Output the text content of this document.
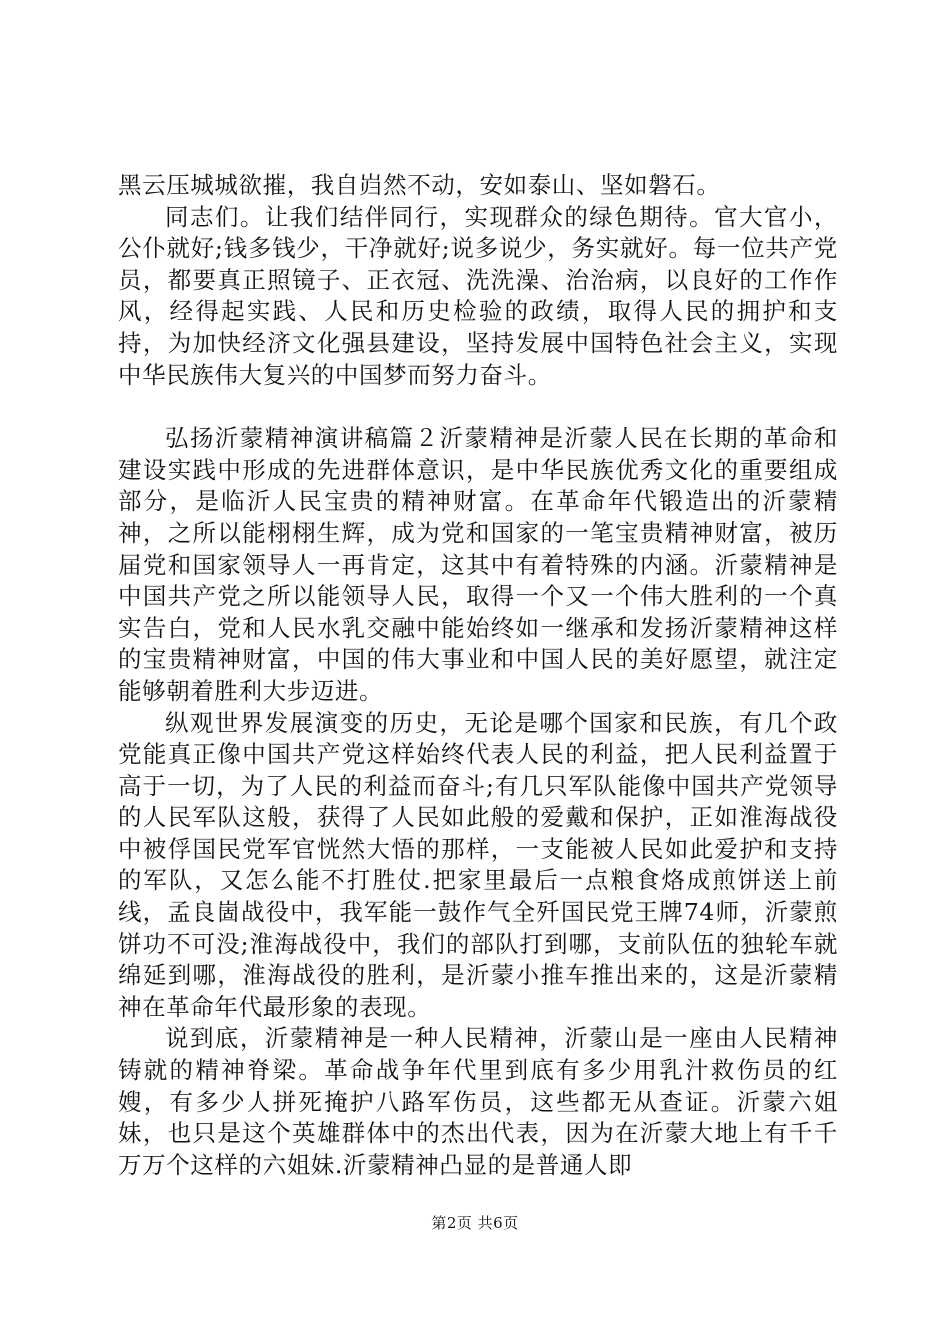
黑云压城城欲摧，我自岿然不动，安如泰山、坚如磐石。

同志们。让我们结伴同行，实现群众的绿色期待。官大官小，公仆就好;钱多钱少，干净就好;说多说少，务实就好。每一位共产党员，都要真正照镜子、正衣冠、洗洗澡、治治病，以良好的工作作风，经得起实践、人民和历史检验的政绩，取得人民的拥护和支持，为加快经济文化强县建设，坚持发展中国特色社会主义，实现中华民族伟大复兴的中国梦而努力奋斗。

弘扬沂蒙精神演讲稿篇２沂蒙精神是沂蒙人民在长期的革命和建设实践中形成的先进群体意识，是中华民族优秀文化的重要组成部分，是临沂人民宝贵的精神财富。在革命年代锻造出的沂蒙精神，之所以能栩栩生辉，成为党和国家的一笔宝贵精神财富，被历届党和国家领导人一再肯定，这其中有着特殊的内涵。沂蒙精神是中国共产党之所以能领导人民，取得一个又一个伟大胜利的一个真实告白，党和人民水乳交融中能始终如一继承和发扬沂蒙精神这样的宝贵精神财富，中国的伟大事业和中国人民的美好愿望，就注定能够朝着胜利大步迈进。

纵观世界发展演变的历史，无论是哪个国家和民族，有几个政党能真正像中国共产党这样始终代表人民的利益，把人民利益置于高于一切，为了人民的利益而奋斗;有几只军队能像中国共产党领导的人民军队这般，获得了人民如此般的爱戴和保护，正如淮海战役中被俘国民党军官恍然大悟的那样，一支能被人民如此爱护和支持的军队，又怎么能不打胜仗.把家里最后一点粮食烙成煎饼送上前线，孟良崮战役中，我军能一鼓作气全歼国民党王牌74师，沂蒙煎饼功不可没;淮海战役中，我们的部队打到哪，支前队伍的独轮车就绵延到哪，淮海战役的胜利，是沂蒙小推车推出来的，这是沂蒙精神在革命年代最形象的表现。

说到底，沂蒙精神是一种人民精神，沂蒙山是一座由人民精神铸就的精神脊梁。革命战争年代里到底有多少用乳汁救伤员的红嫂，有多少人拼死掩护八路军伤员，这些都无从查证。沂蒙六姐妹，也只是这个英雄群体中的杰出代表，因为在沂蒙大地上有千千万万个这样的六姐妹.沂蒙精神凸显的是普通人即

第2页 共6页
